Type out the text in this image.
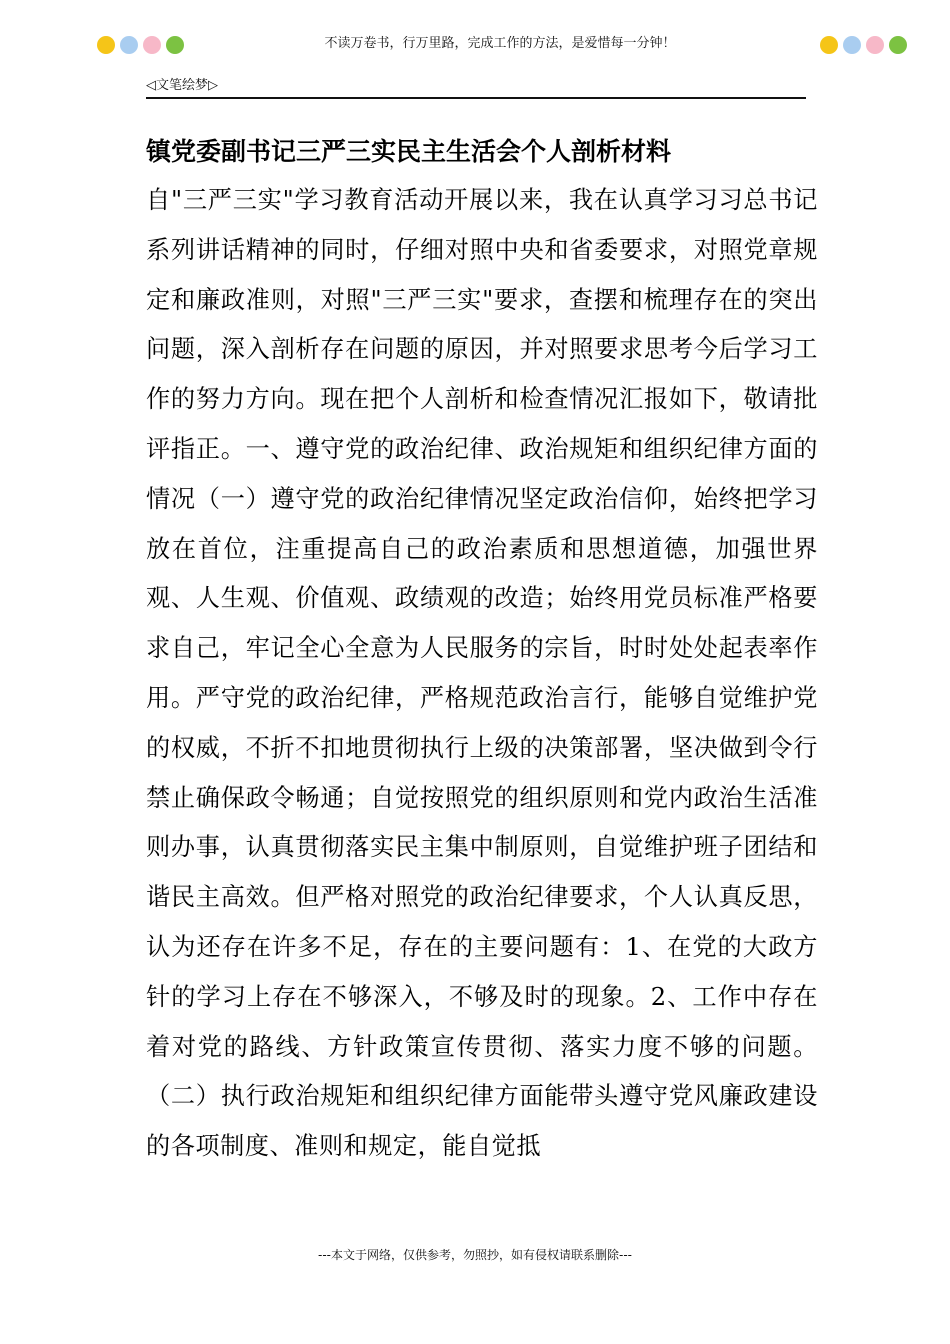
不读万卷书，行万里路，完成工作的方法，是爱惜每一分钟！
◁文笔绘梦▷
镇党委副书记三严三实民主生活会个人剖析材料

自"三严三实"学习教育活动开展以来，我在认真学习习总书记系列讲话精神的同时，仔细对照中央和省委要求，对照党章规定和廉政准则，对照"三严三实"要求，查摆和梳理存在的突出问题，深入剖析存在问题的原因，并对照要求思考今后学习工作的努力方向。现在把个人剖析和检查情况汇报如下，敬请批评指正。一、遵守党的政治纪律、政治规矩和组织纪律方面的情况（一）遵守党的政治纪律情况坚定政治信仰，始终把学习放在首位，注重提高自己的政治素质和思想道德，加强世界观、人生观、价值观、政绩观的改造；始终用党员标准严格要求自己，牢记全心全意为人民服务的宗旨，时时处处起表率作用。严守党的政治纪律，严格规范政治言行，能够自觉维护党的权威，不折不扣地贯彻执行上级的决策部署，坚决做到令行禁止确保政令畅通；自觉按照党的组织原则和党内政治生活准则办事，认真贯彻落实民主集中制原则，自觉维护班子团结和谐民主高效。但严格对照党的政治纪律要求，个人认真反思，认为还存在许多不足，存在的主要问题有：1、在党的大政方针的学习上存在不够深入，不够及时的现象。2、工作中存在着对党的路线、方针政策宣传贯彻、落实力度不够的问题。（二）执行政治规矩和组织纪律方面能带头遵守党风廉政建设的各项制度、准则和规定，能自觉抵

---本文于网络，仅供参考，勿照抄，如有侵权请联系删除---
